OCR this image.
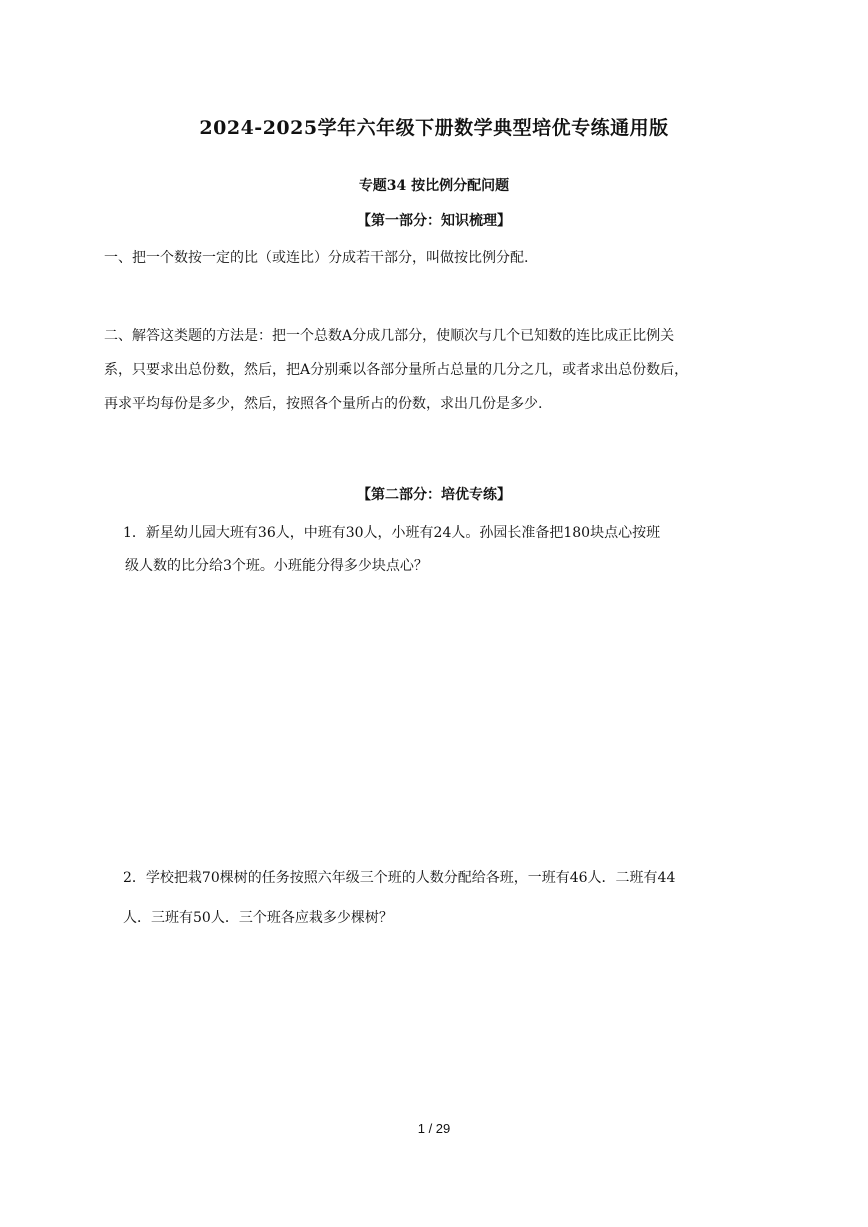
2024-2025学年六年级下册数学典型培优专练通用版
专题34 按比例分配问题
【第一部分：知识梳理】

一、把一个数按一定的比（或连比）分成若干部分，叫做按比例分配.

二、解答这类题的方法是：把一个总数A分成几部分，使顺次与几个已知数的连比成正比例关

系，只要求出总份数，然后，把A分别乘以各部分量所占总量的几分之几，或者求出总份数后，

再求平均每份是多少，然后，按照各个量所占的份数，求出几份是多少.

【第二部分：培优专练】

1．新星幼儿园大班有36人，中班有30人，小班有24人。孙园长准备把180块点心按班

级人数的比分给3个班。小班能分得多少块点心？

2．学校把栽70棵树的任务按照六年级三个班的人数分配给各班，一班有46人．二班有44

人．三班有50人．三个班各应栽多少棵树？

1 / 29
